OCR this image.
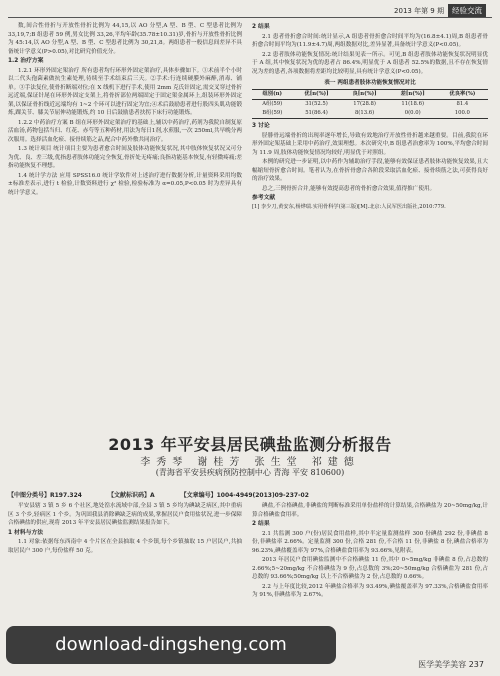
2013 年第 9 期	经验交流

数,间合性骨折与开放性骨折比例为 44,15,以 AO 分型,A 型、B 型、C 型患者比例为 33,19,7;B 组患者 59 例,男女比例 33,26,平均年龄(35.78±10.31)岁,骨折与开放性骨折比例为 45:14,以 AO 分型,A 型、B 型、C 型患者比例为 30,21,8。两组患者一般信息间差异不具备统计学意义(P>0.05),对比研究价值充分。

1.2 治疗方案

1.2.1 环形外固定架治疗 所有患者均行环形外固定架治疗,具体步骤如下。①术前半个小时以二代头孢菌素做抗生素处理,待续至手术结束后三天。②手术:行连续硬膜外麻醉,消毒、铺单。③手法复位,使骨折断端对位;在 X 线机下进行手术,使用 2mm 克氏针固定,需交叉穿过骨折远近端,保证针尾在环形外固定支架上,将骨折部位两端固定于固定架金属环上,组装环形外固定架,以保证骨折线近远端均有 1~2 个环可以进行固定为宜;④术后鼓励患者进行股四头肌功能锻炼,踝关节、膝关节屈伸功能锻炼,约 10 日后鼓励患者扶拐下床行功能锻炼。

1.2.2 中药治疗方案 B 组在环形外固定架治疗的基础上,辅以中药治疗,药剂为我院自制复原活血汤,药物包括当归、红花、赤芍等五种药材,用法为每日1剂,水煎服,一次 250ml,共早晚分两次服用。选择活血化瘀、接骨续筋之品,配合中药外敷共同治疗。

1.3 统计项目 统计项目主要为患者愈合时间及肢体功能恢复状况,其中肢体恢复状况又可分为优、良、差三级,优指患者肢体功能完全恢复,骨折处无疼痛;良指功能基本恢复,有轻微疼痛;差指功能恢复不理想。

1.4 统计学方法 应用 SPSS16.0 统计学软件对上述治疗进行数据分析,计量资料采用均数±标准差表示,进行 t 检验,计数资料进行 χ² 检验,检验标准为 α=0.05,P<0.05 时为差异具有统计学意义。

2 结果

2.1 患者骨折愈合时间:统计显示,A 组患者骨折愈合时间平均为(16.8±4.1)周,B 组患者骨折愈合时间平均为(11.9±4.7)周,两组数据对比,差异显著,具备统计学意义(P<0.05)。

2.2 患者肢体功能恢复情况:统计结果见表一所示。可见,B 组患者肢体功能恢复状况明显优于 A 组,其中恢复状况为优的患者占 86.4%,明显优于 A 组患者 52.5%的数据,且不存在恢复情况为差的患者,各项数据将差距均比较明显,具有统计学意义(P<0.05)。

表一 两组患者肢体功能恢复情况对比
组别(n)	优[n(%)]	良[n(%)]	差[n(%)]	优良率(%)
A组(59)	31(52.5)	17(28.8)	11(18.6)	81.4
B组(59)	51(86.4)	8(13.6)	0(0.0)	100.0
3 讨论

胫腓骨远端骨折的出现率逐年增长,导致有效地治疗开放性骨折越来越重要。目前,我院在环形外固定架基础上采用中药治疗,效果理想。本次研究中,B 组患者治愈率为 100%,平均愈合时间为 11.9 周,肢体功能恢复情况均较好,明显优于对照组。

本例的研究进一步证明,以中药作为辅助治疗手段,能够有效保证患者肢体功能恢复效果,且大幅缩短骨折愈合时间。笔者认为,在骨折骨愈合各阶段采取活血化瘀、接骨续筋之法,可获得良好的治疗效果。

总之,三例骨折合并,能够有效提高患者的骨折愈合效果,值得推广使用。

参考文献
[1] 李少刀,黄安东,杨烨瑞.实用骨科学(第三版)[M].北京:人民军医出版社,2010:779.
2013 年平安县居民碘盐监测分析报告
李秀琴 谢桂芳 张生堂 祁建德
(青海省平安县疾病预防控制中心 青海 平安 810600)
【中图分类号】R197.324	【文献标识码】A	【文章编号】1004-4949(2013)09-237-02

平安县辖 3 镇 5 乡 6 个社区,地处湟水流域中部,全县 3 镇 5 乡均为碘缺乏病区,其中重病区 3 个乡,轻病区 1 个乡。为巩固我县消除碘缺乏病的成果,掌握居民户食用盐状况,进一步保障合格碘盐的供应,现将 2013 年平安县居民碘盐监测结果报告如下。

1 材料与方法

1.1 对象:依据每东西南中 4 个片区在全县抽取 4 个乡镇,每个乡镇抽取 15 户居民户,共抽取居民户 300 户,每份盐样 50 克。

碘盐,不合格碘盐,非碘盐的判断标准采用单份盐样的计算结果,合格碘盐为 20~50mg/kg,计算合格碘盐食用率。

2 结果

2.1 共监测 300 户(份)居民食用盐样,其中半定量监测盐样 300 份碘盐 292 份,非碘盐 8 份,非碘盐率 2.66%。定量监测 300 份,合格 281 份,不合格 11 份,非碘盐 8 份,碘盐合格率为 96.23%,碘盐覆盖率为 97%,合格碘盐食用率为 93.66%,见附表。

2013 年居民户食用碘盐监测中不合格碘盐 11 份,其中 0~5mg/kg 非碘盐 8 份,占总数的 2.66%;5~20mg/kg 不合格碘盐为 9 份,占总数的 3%;20~50mg/kg 合格碘盐为 281 份,占总数的 93.66%;50mg/kg 以上不合格碘盐为 2 份,占总数的 0.66%。

2.2 与上年度比较,2012 年碘盐合格率为 93.49%,碘盐覆盖率为 97.33%,合格碘盐食用率为 91%,非碘盐率为 2.67%。

download-dingsheng.com
医学美学美容 237
